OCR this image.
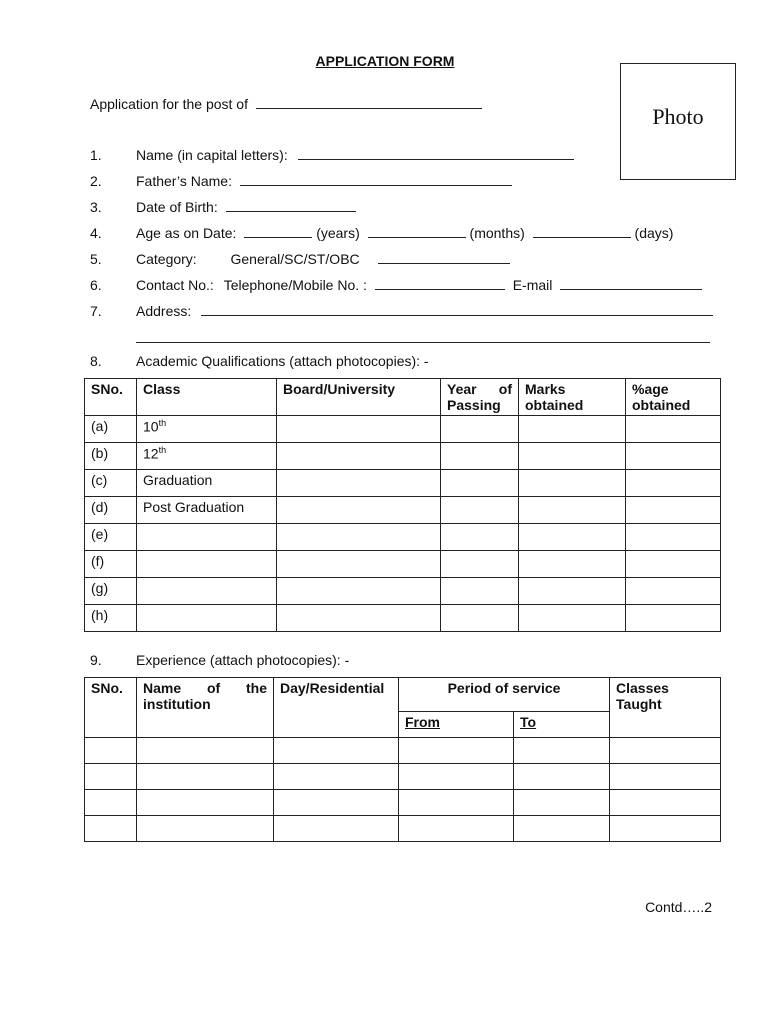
APPLICATION FORM
Photo
Application for the post of
1. Name (in capital letters):
2. Father’s Name:
3. Date of Birth:
4. Age as on Date:	(years)	(months)	(days)
5. Category: General/SC/ST/OBC
6. Contact No.: Telephone/Mobile No. :	E-mail
7. Address:
8. Academic Qualifications (attach photocopies): -
SNo.	Class	Board/University	Year of Passing	Marks obtained	%age obtained
(a)	10th				
(b)	12th				
(c)	Graduation				
(d)	Post Graduation				
(e)					
(f)					
(g)					
(h)					
9. Experience (attach photocopies): -
SNo.	Name of the institution	Day/Residential	Period of service		Classes Taught
			From	To	

Contd…..2
